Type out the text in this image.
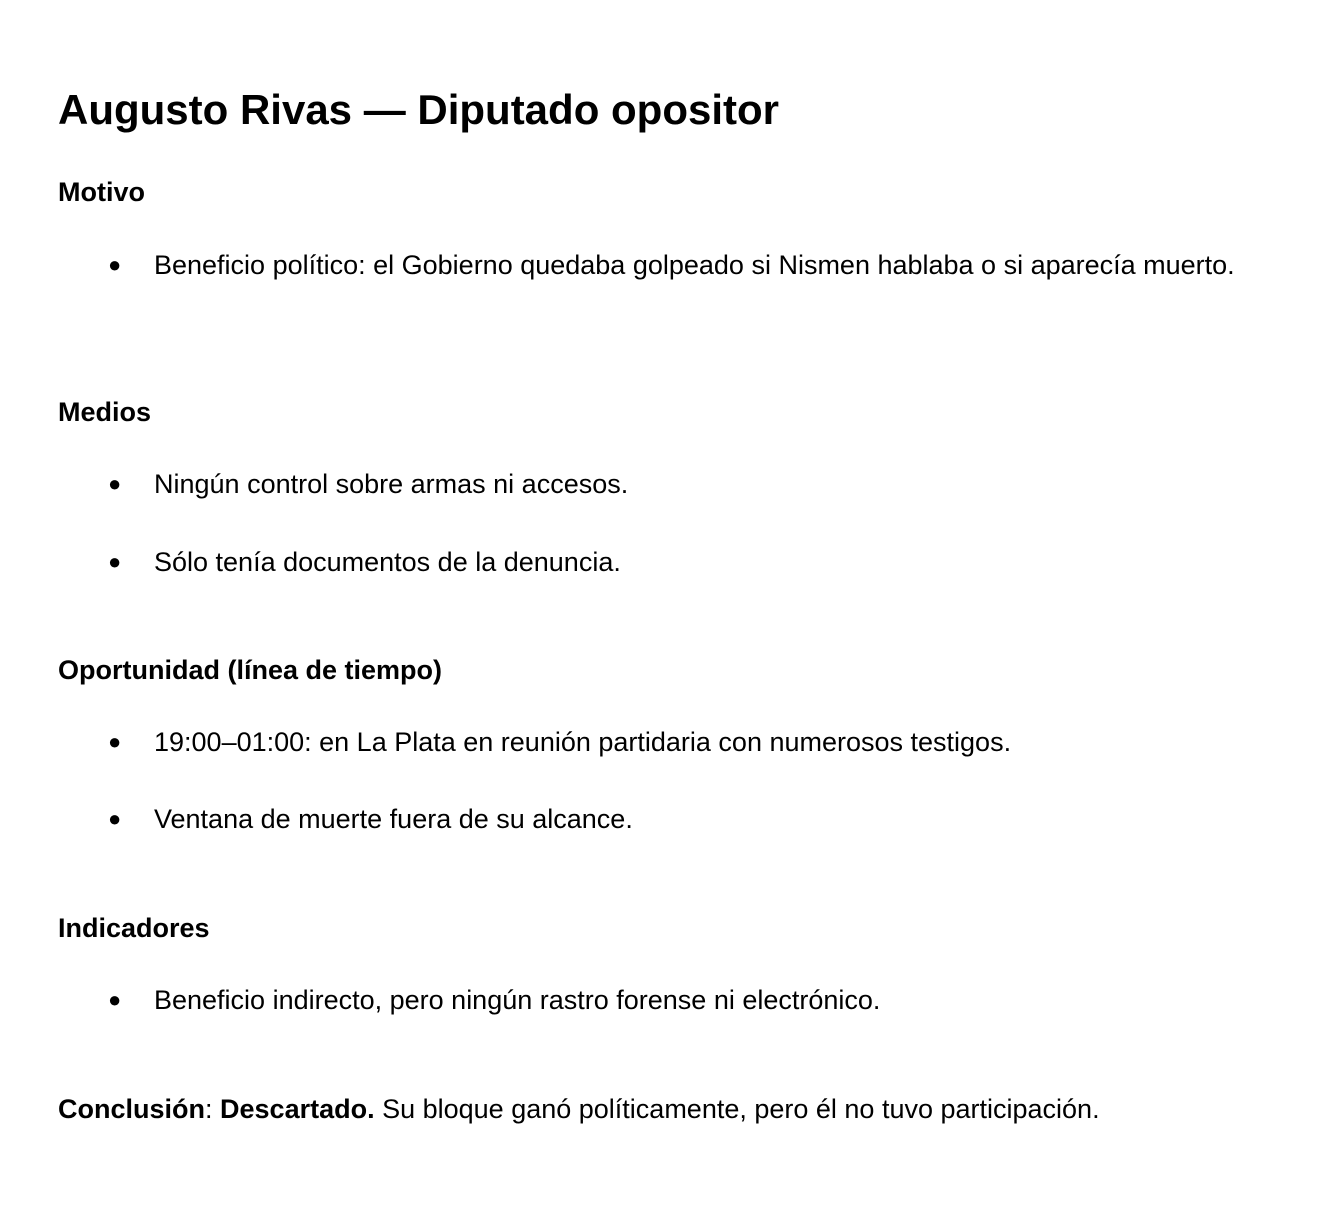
Augusto Rivas — Diputado opositor
Motivo
● Beneficio político: el Gobierno quedaba golpeado si Nismen hablaba o si aparecía muerto.
Medios
● Ningún control sobre armas ni accesos.
● Sólo tenía documentos de la denuncia.
Oportunidad (línea de tiempo)
● 19:00–01:00: en La Plata en reunión partidaria con numerosos testigos.
● Ventana de muerte fuera de su alcance.
Indicadores
● Beneficio indirecto, pero ningún rastro forense ni electrónico.
Conclusión: Descartado. Su bloque ganó políticamente, pero él no tuvo participación.
